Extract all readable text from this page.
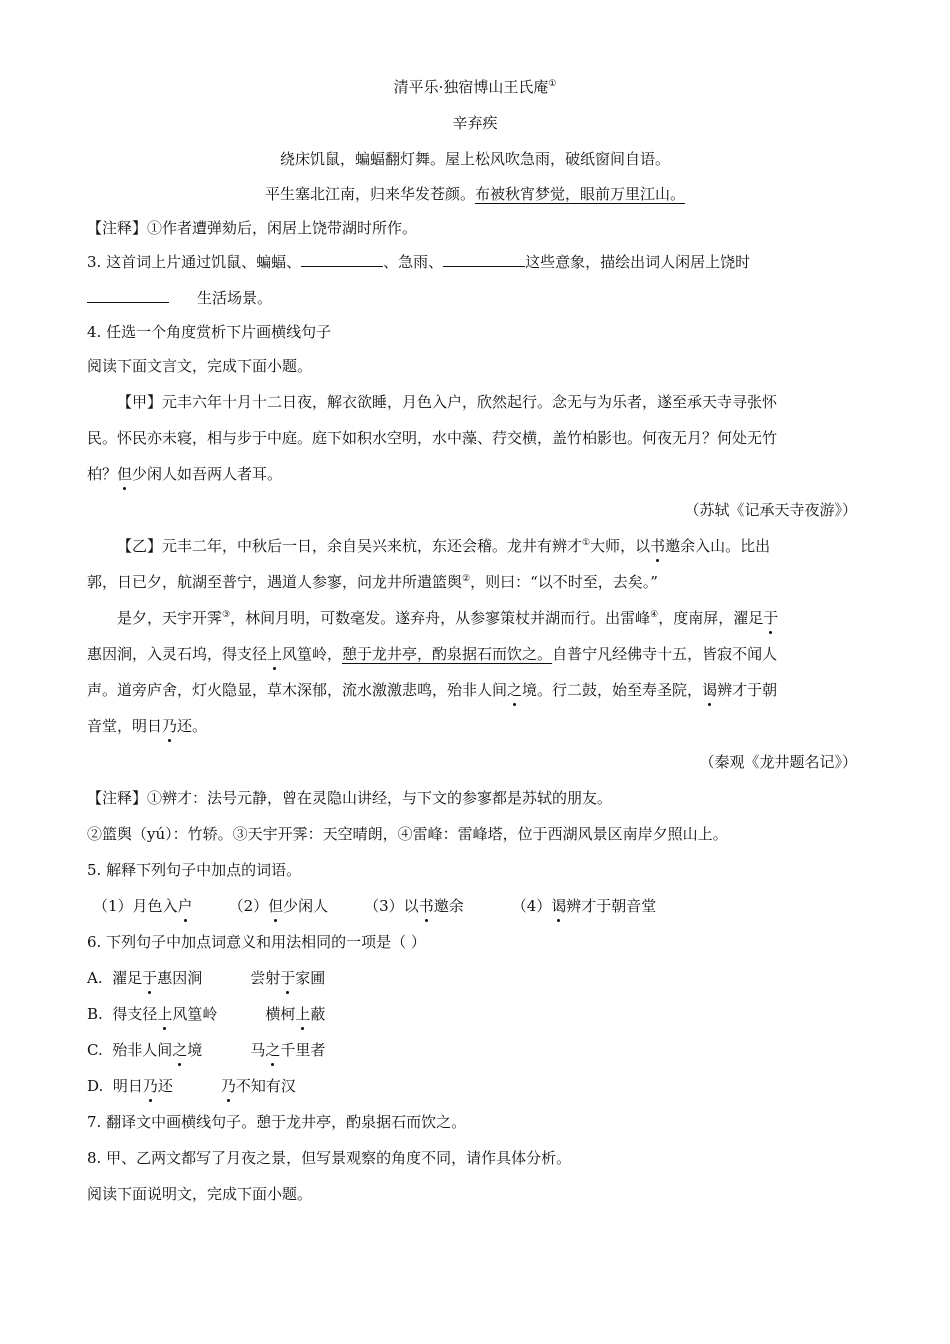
清平乐·独宿博山王氏庵①
辛弃疾
绕床饥鼠，蝙蝠翻灯舞。屋上松风吹急雨，破纸窗间自语。
平生塞北江南，归来华发苍颜。布被秋宵梦觉，眼前万里江山。
【注释】①作者遭弹劾后，闲居上饶带湖时所作。
3. 这首词上片通过饥鼠、蝙蝠、	、急雨、	这些意象，描绘出词人闲居上饶时
生活场景。
4. 任选一个角度赏析下片画横线句子
阅读下面文言文，完成下面小题。
【甲】元丰六年十月十二日夜，解衣欲睡，月色入户，欣然起行。念无与为乐者，遂至承天寺寻张怀
民。怀民亦未寝，相与步于中庭。庭下如积水空明，水中藻、荇交横，盖竹柏影也。何夜无月？何处无竹
柏？但少闲人如吾两人者耳。
（苏轼《记承天寺夜游》）
【乙】元丰二年，中秋后一日，余自吴兴来杭，东还会稽。龙井有辨才①大师，以书邀余入山。比出
郭，日已夕，航湖至普宁，遇道人参寥，问龙井所遣篮舆②，则曰：“以不时至，去矣。”
是夕，天宇开霁③，林间月明，可数毫发。遂弃舟，从参寥策杖并湖而行。出雷峰④，度南屏，濯足于
惠因涧，入灵石坞，得支径上风篁岭，憩于龙井亭，酌泉据石而饮之。自普宁凡经佛寺十五，皆寂不闻人
声。道旁庐舍，灯火隐显，草木深郁，流水激激悲鸣，殆非人间之境。行二鼓，始至寿圣院，谒辨才于朝
音堂，明日乃还。
（秦观《龙井题名记》）
【注释】①辨才：法号元静，曾在灵隐山讲经，与下文的参寥都是苏轼的朋友。
②篮舆（yú）：竹轿。③天宇开霁：天空晴朗，④雷峰：雷峰塔，位于西湖风景区南岸夕照山上。
5. 解释下列句子中加点的词语。
（1）月色入户 （2）但少闲人 （3）以书邀余	（4）谒辨才于朝音堂
6. 下列句子中加点词意义和用法相同的一项是（ ）
A. 濯足于惠因涧	尝射于家圃
B. 得支径上风篁岭	横柯上蔽
C. 殆非人间之境	马之千里者
D. 明日乃还	乃不知有汉
7. 翻译文中画横线句子。憩于龙井亭，酌泉据石而饮之。
8. 甲、乙两文都写了月夜之景，但写景观察的角度不同，请作具体分析。
阅读下面说明文，完成下面小题。
